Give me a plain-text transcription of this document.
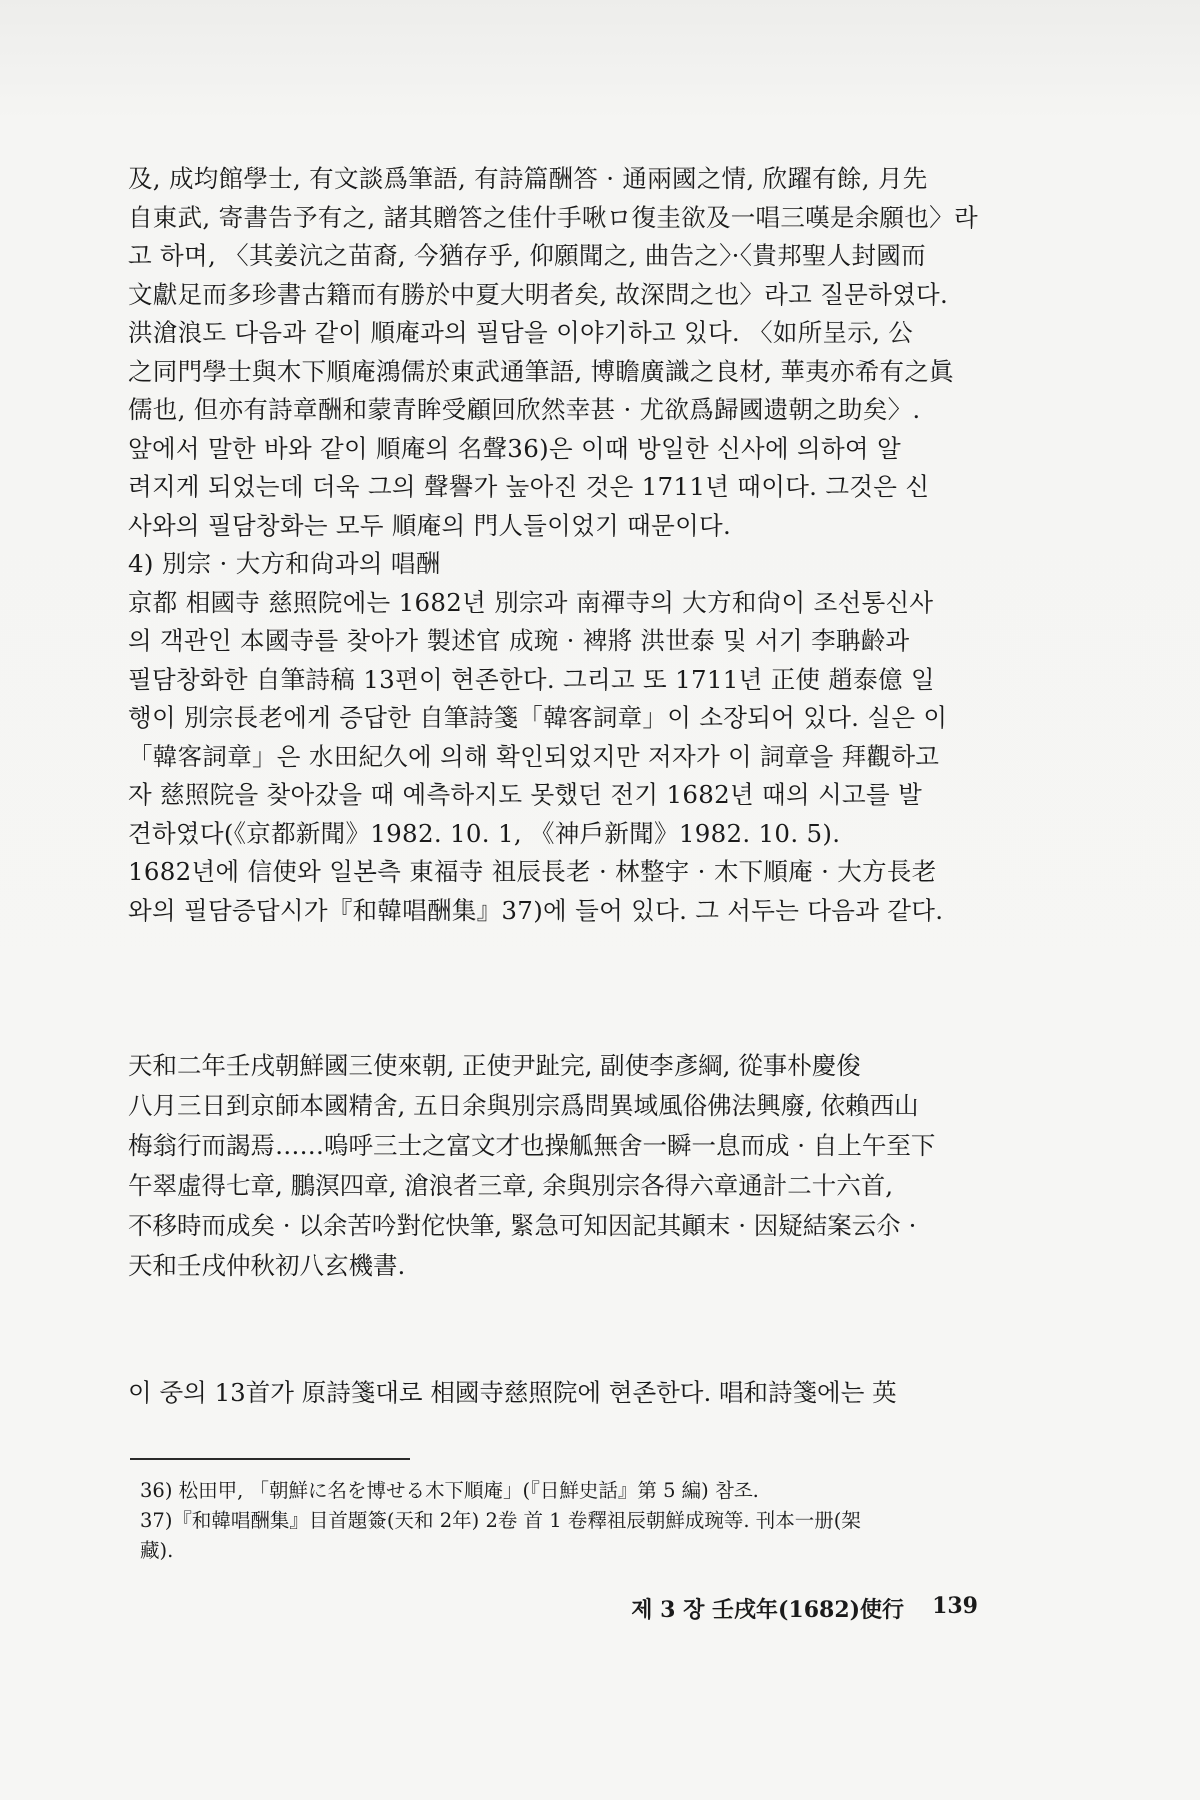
及, 成均館學士, 有文談爲筆語, 有詩篇酬答 · 通兩國之情, 欣躍有餘, 月先
自東武, 寄書告予有之, 諸其贈答之佳什手啾ロ復圭欲及一唱三嘆是余願也〉라
고 하며, 〈其姜沆之苗裔, 今猶存乎, 仰願聞之, 曲告之〉·〈貴邦聖人封國而
文獻足而多珍書古籍而有勝於中夏大明者矣, 故深問之也〉라고 질문하였다.
洪滄浪도 다음과 같이 順庵과의 필담을 이야기하고 있다. 〈如所呈示, 公
之同門學士與木下順庵鴻儒於東武通筆語, 博瞻廣識之良材, 華夷亦希有之眞
儒也, 但亦有詩章酬和蒙青眸受顧回欣然幸甚 · 尤欲爲歸國遗朝之助矣〉.
앞에서 말한 바와 같이 順庵의 名聲36)은 이때 방일한 신사에 의하여 알
려지게 되었는데 더욱 그의 聲譽가 높아진 것은 1711년 때이다. 그것은 신
사와의 필담창화는 모두 順庵의 門人들이었기 때문이다.
4) 別宗 · 大方和尙과의 唱酬
京都 相國寺 慈照院에는 1682년 別宗과 南禪寺의 大方和尙이 조선통신사
의 객관인 本國寺를 찾아가 製述官 成琬 · 裨將 洪世泰 및 서기 李聃齡과
필담창화한 自筆詩稿 13편이 현존한다. 그리고 또 1711년 正使 趙泰億 일
행이 別宗長老에게 증답한 自筆詩箋「韓客詞章」이 소장되어 있다. 실은 이
「韓客詞章」은 水田紀久에 의해 확인되었지만 저자가 이 詞章을 拜觀하고
자 慈照院을 찾아갔을 때 예측하지도 못했던 전기 1682년 때의 시고를 발
견하였다(《京都新聞》1982. 10. 1, 《神戶新聞》1982. 10. 5).
1682년에 信使와 일본측 東福寺 祖辰長老 · 林整宇 · 木下順庵 · 大方長老
와의 필담증답시가『和韓唱酬集』37)에 들어 있다. 그 서두는 다음과 같다.
天和二年壬戌朝鮮國三使來朝, 正使尹趾完, 副使李彥綱, 從事朴慶俊
八月三日到京師本國精舍, 五日余與別宗爲問異域風俗佛法興廢, 依賴西山
梅翁行而謁焉……嗚呼三士之富文才也操觚無舍一瞬一息而成 · 自上午至下
午翠虛得七章, 鵬溟四章, 滄浪者三章, 余與別宗各得六章通計二十六首,
不移時而成矣 · 以余苦吟對佗快筆, 緊急可知因記其顚末 · 因疑結案云尒 ·
天和壬戌仲秋初八玄機書.
이 중의 13首가 原詩箋대로 相國寺慈照院에 현존한다. 唱和詩箋에는 英
36) 松田甲, 「朝鮮に名を博せる木下順庵」(『日鮮史話』第 5 編) 참조.
37)『和韓唱酬集』目首題簽(天和 2年) 2卷 首 1 卷釋祖辰朝鮮成琬等. 刊本一册(架
藏).
제 3 장 壬戌年(1682)使行 139
